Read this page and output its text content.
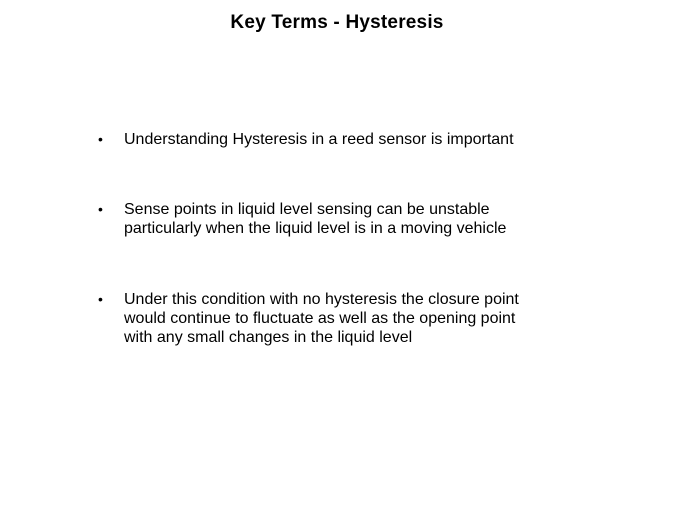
Key Terms - Hysteresis
•	Understanding Hysteresis in a reed sensor is important
•	Sense points in liquid level sensing can be unstable
particularly when the liquid level is in a moving vehicle
•	Under this condition with no hysteresis the closure point
would continue to fluctuate as well as the opening point
with any small changes in the liquid level
